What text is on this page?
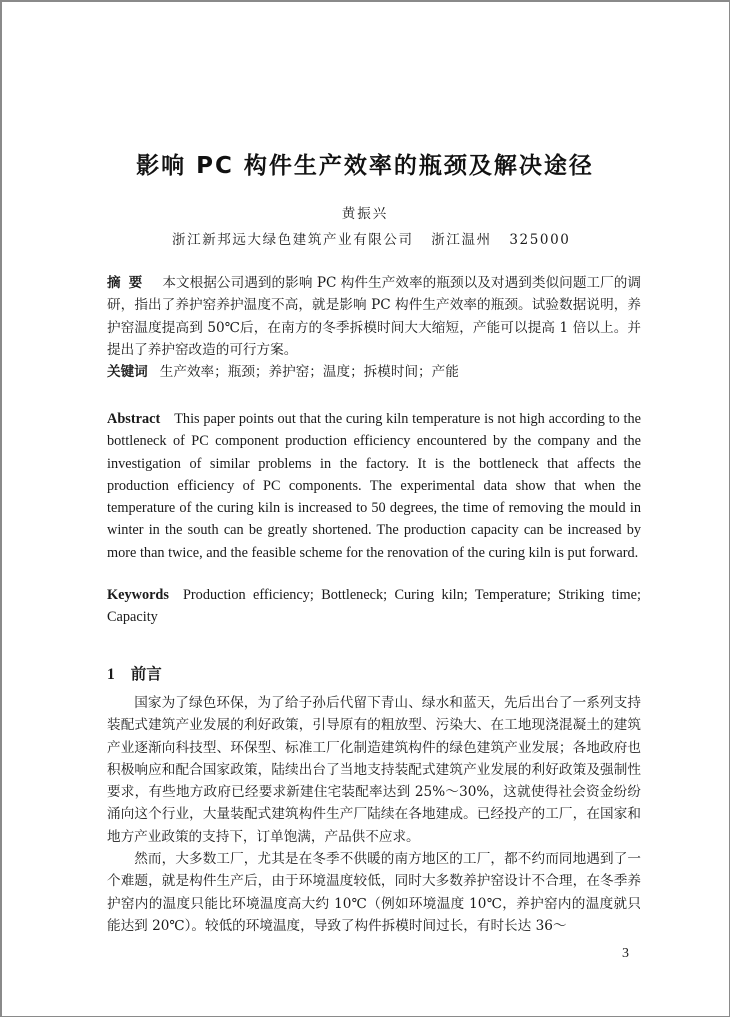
影响 PC 构件生产效率的瓶颈及解决途径
黄振兴
浙江新邦远大绿色建筑产业有限公司   浙江温州   325000
摘要 本文根据公司遇到的影响 PC 构件生产效率的瓶颈以及对遇到类似问题工厂的调研，指出了养护窑养护温度不高，就是影响 PC 构件生产效率的瓶颈。试验数据说明，养护窑温度提高到 50℃后，在南方的冬季拆模时间大大缩短，产能可以提高 1 倍以上。并提出了养护窑改造的可行方案。
关键词 生产效率；瓶颈；养护窑；温度；拆模时间；产能
Abstract This paper points out that the curing kiln temperature is not high according to the bottleneck of PC component production efficiency encountered by the company and the investigation of similar problems in the factory. It is the bottleneck that affects the production efficiency of PC components. The experimental data show that when the temperature of the curing kiln is increased to 50 degrees, the time of removing the mould in winter in the south can be greatly shortened. The production capacity can be increased by more than twice, and the feasible scheme for the renovation of the curing kiln is put forward.
Keywords Production efficiency; Bottleneck; Curing kiln; Temperature; Striking time; Capacity
1 前言

国家为了绿色环保，为了给子孙后代留下青山、绿水和蓝天，先后出台了一系列支持装配式建筑产业发展的利好政策，引导原有的粗放型、污染大、在工地现浇混凝土的建筑产业逐渐向科技型、环保型、标准工厂化制造建筑构件的绿色建筑产业发展；各地政府也积极响应和配合国家政策，陆续出台了当地支持装配式建筑产业发展的利好政策及强制性要求，有些地方政府已经要求新建住宅装配率达到 25%～30%，这就使得社会资金纷纷涌向这个行业，大量装配式建筑构件生产厂陆续在各地建成。已经投产的工厂，在国家和地方产业政策的支持下，订单饱满，产品供不应求。

然而，大多数工厂，尤其是在冬季不供暖的南方地区的工厂，都不约而同地遇到了一个难题，就是构件生产后，由于环境温度较低，同时大多数养护窑设计不合理，在冬季养护窑内的温度只能比环境温度高大约 10℃（例如环境温度 10℃，养护窑内的温度就只能达到 20℃）。较低的环境温度，导致了构件拆模时间过长，有时长达 36～

3
